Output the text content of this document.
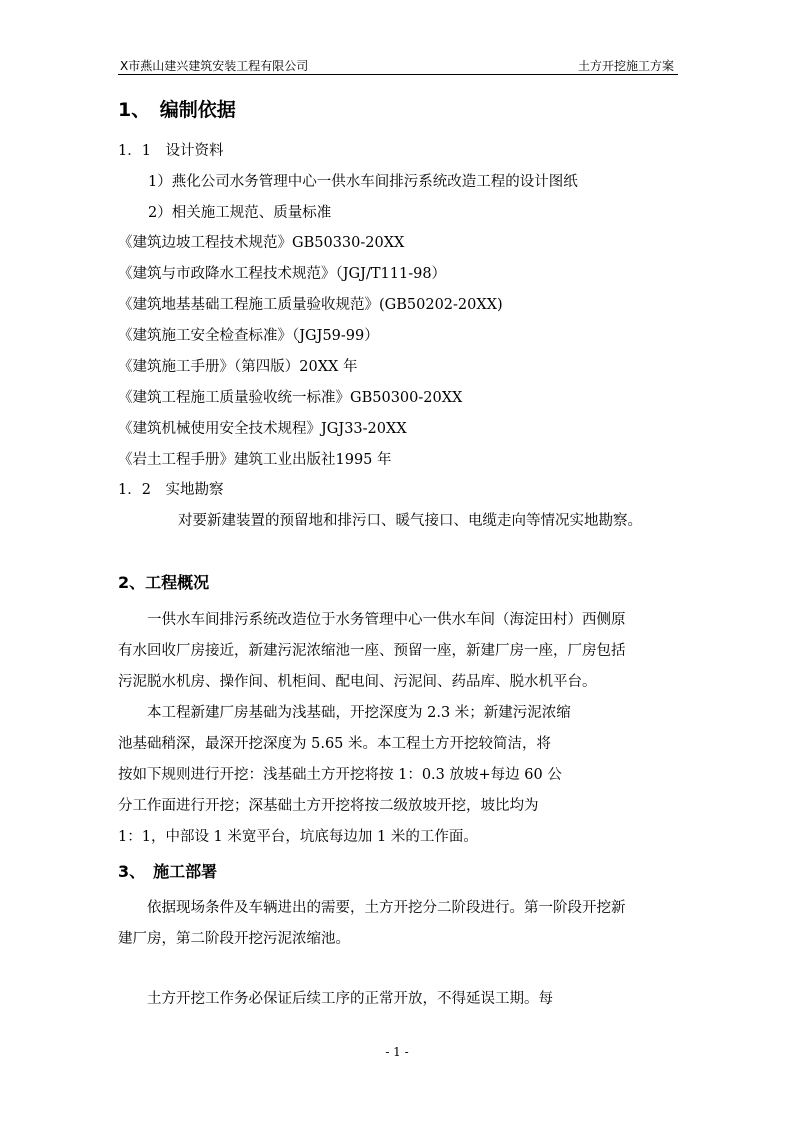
X市燕山建兴建筑安装工程有限公司	土方开挖施工方案
1、　编制依据
1．1　设计资料
1）燕化公司水务管理中心一供水车间排污系统改造工程的设计图纸
2）相关施工规范、质量标准
《建筑边坡工程技术规范》GB50330-20XX
《建筑与市政降水工程技术规范》（JGJ/T111-98）
《建筑地基基础工程施工质量验收规范》(GB50202-20XX)
《建筑施工安全检查标准》（JGJ59-99）
《建筑施工手册》（第四版）20XX 年
《建筑工程施工质量验收统一标准》GB50300-20XX
《建筑机械使用安全技术规程》JGJ33-20XX
《岩土工程手册》建筑工业出版社1995 年
1．2　实地勘察
对要新建装置的预留地和排污口、暖气接口、电缆走向等情况实地勘察。
2、工程概况
　　一供水车间排污系统改造位于水务管理中心一供水车间（海淀田村）西侧原
有水回收厂房接近，新建污泥浓缩池一座、预留一座，新建厂房一座，厂房包括
污泥脱水机房、操作间、机柜间、配电间、污泥间、药品库、脱水机平台。
　　本工程新建厂房基础为浅基础，开挖深度为 2.3 米；新建污泥浓缩
池基础稍深，最深开挖深度为 5.65 米。本工程土方开挖较简洁，将
按如下规则进行开挖：浅基础土方开挖将按 1：0.3 放坡+每边 60 公
分工作面进行开挖；深基础土方开挖将按二级放坡开挖，坡比均为
1：1，中部设 1 米宽平台，坑底每边加 1 米的工作面。
3、　施工部署
　　依据现场条件及车辆进出的需要，土方开挖分二阶段进行。第一阶段开挖新
建厂房，第二阶段开挖污泥浓缩池。
　　土方开挖工作务必保证后续工序的正常开放，不得延误工期。每
- 1 -
